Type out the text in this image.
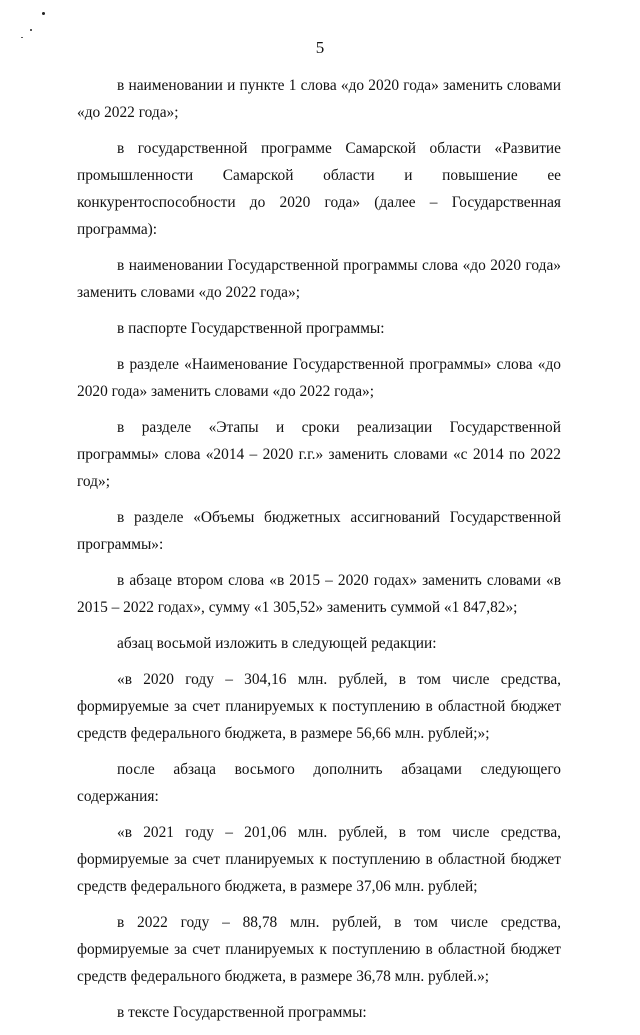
5

в наименовании и пункте 1 слова «до 2020 года» заменить словами «до 2022 года»;

в государственной программе Самарской области «Развитие промышленности Самарской области и повышение ее конкурентоспособности до 2020 года» (далее – Государственная программа):

в наименовании Государственной программы слова «до 2020 года» заменить словами «до 2022 года»;

в паспорте Государственной программы:

в разделе «Наименование Государственной программы» слова «до 2020 года» заменить словами «до 2022 года»;

в разделе «Этапы и сроки реализации Государственной программы» слова «2014 – 2020 г.г.» заменить словами «с 2014 по 2022 год»;

в разделе «Объемы бюджетных ассигнований Государственной программы»:

в абзаце втором слова «в 2015 – 2020 годах» заменить словами «в 2015 – 2022 годах», сумму «1 305,52» заменить суммой «1 847,82»;

абзац восьмой изложить в следующей редакции:

«в 2020 году – 304,16 млн. рублей, в том числе средства, формируемые за счет планируемых к поступлению в областной бюджет средств федерального бюджета, в размере 56,66 млн. рублей;»;

после абзаца восьмого дополнить абзацами следующего содержания:

«в 2021 году – 201,06 млн. рублей, в том числе средства, формируемые за счет планируемых к поступлению в областной бюджет средств федерального бюджета, в размере 37,06 млн. рублей;

в 2022 году – 88,78 млн. рублей, в том числе средства, формируемые за счет планируемых к поступлению в областной бюджет средств федерального бюджета, в размере 36,78 млн. рублей.»;

в тексте Государственной программы:
